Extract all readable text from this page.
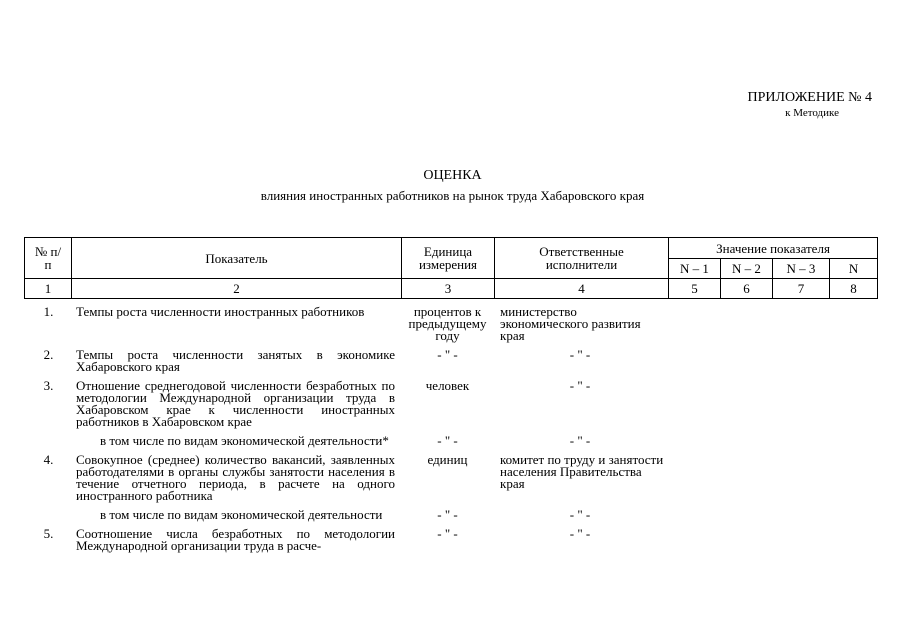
ПРИЛОЖЕНИЕ № 4
к Методике
ОЦЕНКА
влияния иностранных работников на рынок труда Хабаровского края
№ п/п	Показатель	Единица измерения	Ответственные исполнители	Значение показателя			
				N – 1	N – 2	N – 3	N
1	2	3	4	5	6	7	8
1.	Темпы роста численности иностранных работников	процентов к предыдущему году	министерство экономического развития края				
2.	Темпы роста численности занятых в экономике Хабаровского края	- " -	- " -				
3.	Отношение среднегодовой численности безработных по методологии Международной организации труда в Хабаровском крае к численности иностранных работников в Хабаровском крае	человек	- " -				
	в том числе по видам экономической деятельности*	- " -	- " -				
4.	Совокупное (среднее) количество вакансий, заявленных работодателями в органы службы занятости населения в течение отчетного периода, в расчете на одного иностранного работника	единиц	комитет по труду и занятости населения Правительства края				
	в том числе по видам экономической деятельности	- " -	- " -				
5.	Соотношение числа безработных по методологии Международной организации труда в расче-	- " -	- " -				
